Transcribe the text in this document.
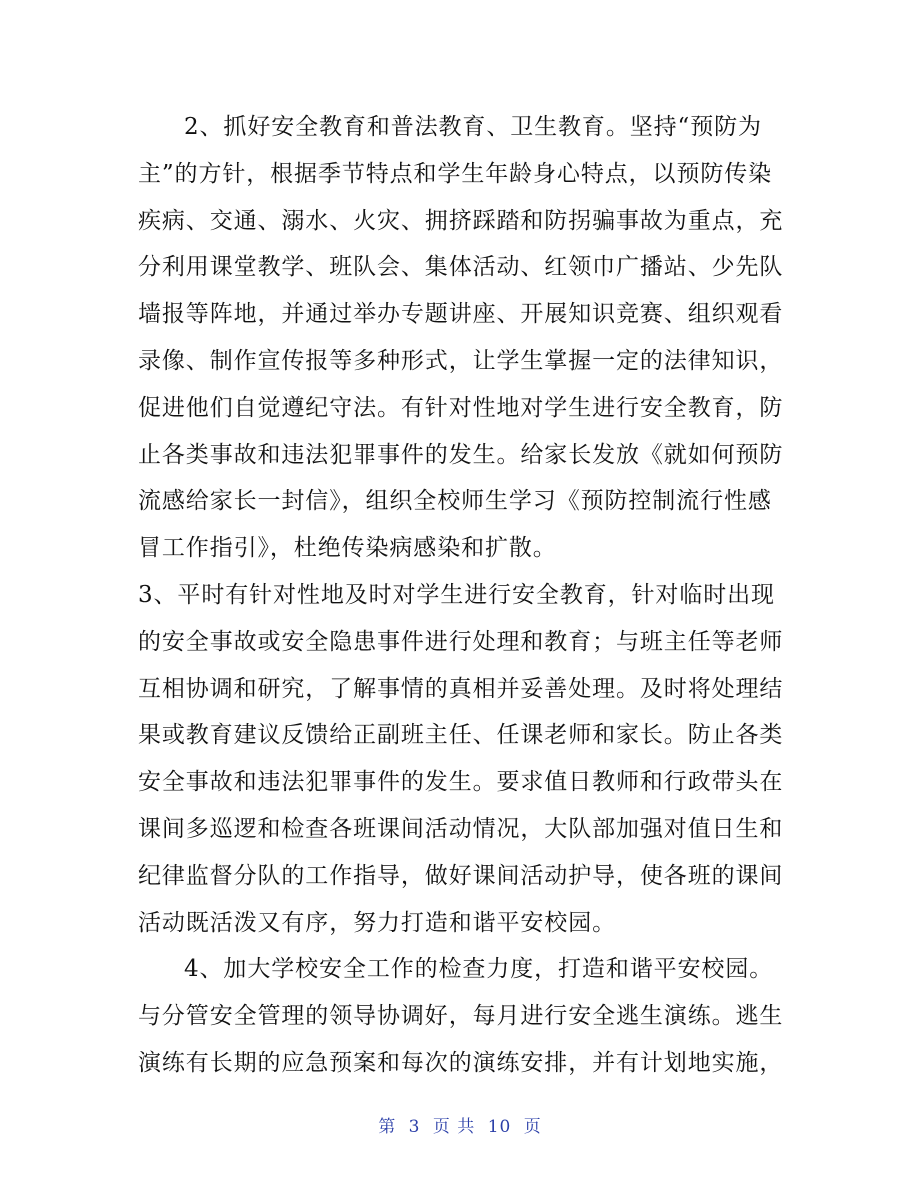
2、抓好安全教育和普法教育、卫生教育。坚持“预防为
主”的方针，根据季节特点和学生年龄身心特点，以预防传染
疾病、交通、溺水、火灾、拥挤踩踏和防拐骗事故为重点，充
分利用课堂教学、班队会、集体活动、红领巾广播站、少先队
墙报等阵地，并通过举办专题讲座、开展知识竞赛、组织观看
录像、制作宣传报等多种形式，让学生掌握一定的法律知识，
促进他们自觉遵纪守法。有针对性地对学生进行安全教育，防
止各类事故和违法犯罪事件的发生。给家长发放《就如何预防
流感给家长一封信》，组织全校师生学习《预防控制流行性感
冒工作指引》，杜绝传染病感染和扩散。
3、平时有针对性地及时对学生进行安全教育，针对临时出现
的安全事故或安全隐患事件进行处理和教育；与班主任等老师
互相协调和研究，了解事情的真相并妥善处理。及时将处理结
果或教育建议反馈给正副班主任、任课老师和家长。防止各类
安全事故和违法犯罪事件的发生。要求值日教师和行政带头在
课间多巡逻和检查各班课间活动情况，大队部加强对值日生和
纪律监督分队的工作指导，做好课间活动护导，使各班的课间
活动既活泼又有序，努力打造和谐平安校园。
4、加大学校安全工作的检查力度，打造和谐平安校园。
与分管安全管理的领导协调好，每月进行安全逃生演练。逃生
演练有长期的应急预案和每次的演练安排，并有计划地实施，
第 3 页 共 10 页
